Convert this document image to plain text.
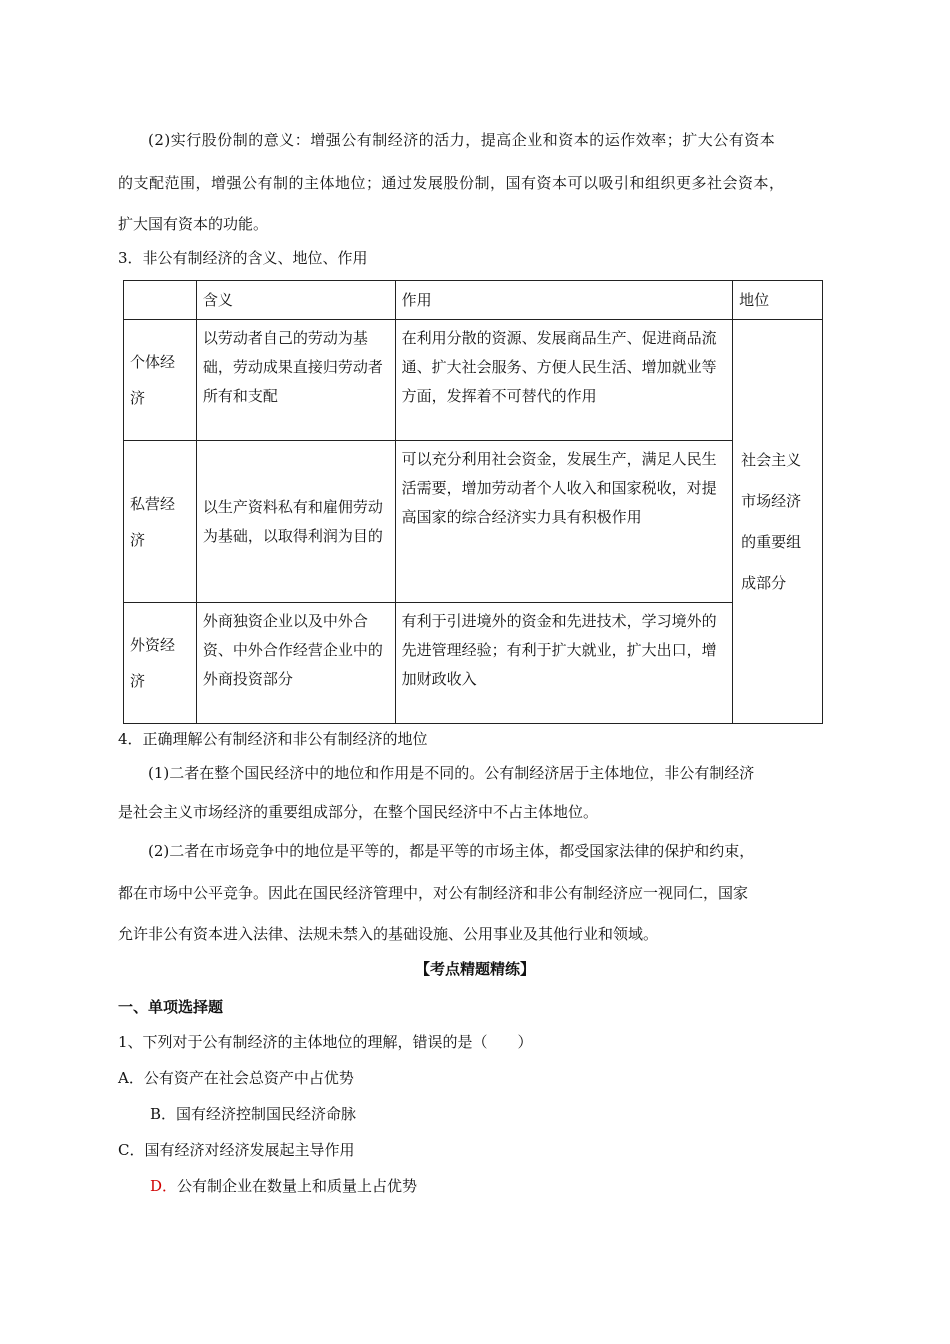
(2)实行股份制的意义：增强公有制经济的活力，提高企业和资本的运作效率；扩大公有资本
的支配范围，增强公有制的主体地位；通过发展股份制，国有资本可以吸引和组织更多社会资本，
扩大国有资本的功能。
3．非公有制经济的含义、地位、作用
	含义	作用	地位
个体经济	以劳动者自己的劳动为基础，劳动成果直接归劳动者所有和支配	在利用分散的资源、发展商品生产、促进商品流通、扩大社会服务、方便人民生活、增加就业等方面，发挥着不可替代的作用	社会主义市场经济的重要组成部分
私营经济	以生产资料私有和雇佣劳动为基础，以取得利润为目的	可以充分利用社会资金，发展生产，满足人民生活需要，增加劳动者个人收入和国家税收，对提高国家的综合经济实力具有积极作用	
外资经济	外商独资企业以及中外合资、中外合作经营企业中的外商投资部分	有利于引进境外的资金和先进技术，学习境外的先进管理经验；有利于扩大就业，扩大出口，增加财政收入	
4．正确理解公有制经济和非公有制经济的地位
(1)二者在整个国民经济中的地位和作用是不同的。公有制经济居于主体地位，非公有制经济
是社会主义市场经济的重要组成部分，在整个国民经济中不占主体地位。
(2)二者在市场竞争中的地位是平等的，都是平等的市场主体，都受国家法律的保护和约束，
都在市场中公平竞争。因此在国民经济管理中，对公有制经济和非公有制经济应一视同仁，国家
允许非公有资本进入法律、法规未禁入的基础设施、公用事业及其他行业和领域。
【考点精题精练】
一、单项选择题
1、下列对于公有制经济的主体地位的理解，错误的是（　　）
A．公有资产在社会总资产中占优势
B．国有经济控制国民经济命脉
C．国有经济对经济发展起主导作用
D．公有制企业在数量上和质量上占优势
